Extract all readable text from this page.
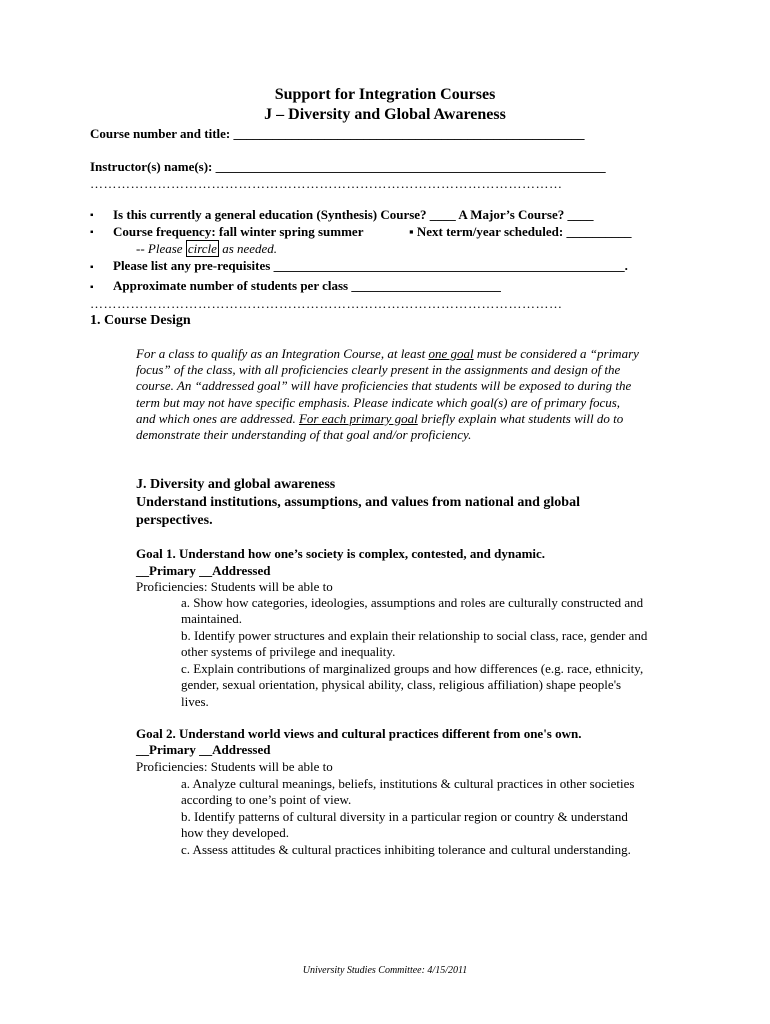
Support for Integration Courses
J – Diversity and Global Awareness
Course number and title: ______________________________________________________
Instructor(s) name(s): ____________________________________________________________
……………………………………………………………………………………………
▪ Is this currently a general education (Synthesis) Course? ____ A Major’s Course? ____
▪ Course frequency: fall winter spring summer	▪ Next term/year scheduled: __________
-- Please circle as needed.
▪ Please list any pre-requisites ______________________________________________________.
▪ Approximate number of students per class _______________________
……………………………………………………………………………………………
1. Course Design
For a class to qualify as an Integration Course, at least one goal must be considered a “primary
focus” of the class, with all proficiencies clearly present in the assignments and design of the
course. An “addressed goal” will have proficiencies that students will be exposed to during the
term but may not have specific emphasis. Please indicate which goal(s) are of primary focus,
and which ones are addressed. For each primary goal briefly explain what students will do to
demonstrate their understanding of that goal and/or proficiency.
J. Diversity and global awareness
Understand institutions, assumptions, and values from national and global
perspectives.
Goal 1. Understand how one’s society is complex, contested, and dynamic.
__Primary __Addressed
Proficiencies: Students will be able to
a. Show how categories, ideologies, assumptions and roles are culturally constructed and
maintained.
b. Identify power structures and explain their relationship to social class, race, gender and
other systems of privilege and inequality.
c. Explain contributions of marginalized groups and how differences (e.g. race, ethnicity,
gender, sexual orientation, physical ability, class, religious affiliation) shape people's
lives.
Goal 2. Understand world views and cultural practices different from one's own.
__Primary __Addressed
Proficiencies: Students will be able to
a. Analyze cultural meanings, beliefs, institutions & cultural practices in other societies
according to one’s point of view.
b. Identify patterns of cultural diversity in a particular region or country & understand
how they developed.
c. Assess attitudes & cultural practices inhibiting tolerance and cultural understanding.
University Studies Committee: 4/15/2011
